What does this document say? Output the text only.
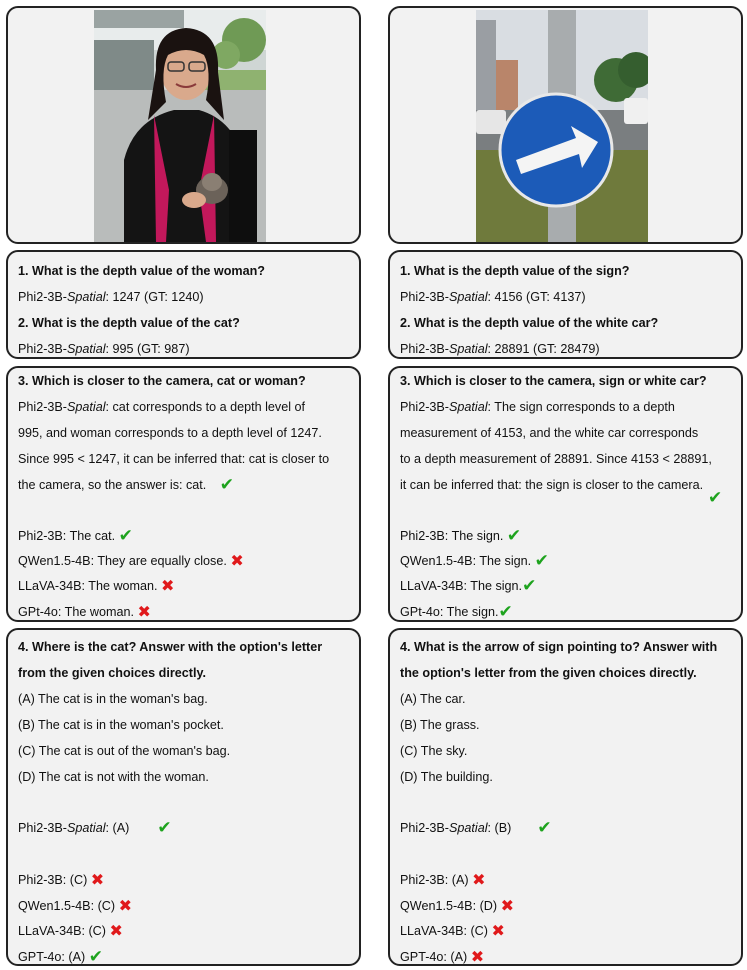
1. What is the depth value of the woman?
Phi2-3B-Spatial: 1247 (GT: 1240)
2. What is the depth value of the cat?
Phi2-3B-Spatial: 995 (GT: 987)
3. Which is closer to the camera, cat or woman?
Phi2-3B-Spatial: cat corresponds to a depth level of
995, and woman corresponds to a depth level of 1247.
Since 995 < 1247, it can be inferred that: cat is closer to
the camera, so the answer is: cat. ✔
Phi2-3B: The cat. ✔
QWen1.5-4B: They are equally close. ✖
LLaVA-34B: The woman. ✖
GPt-4o: The woman. ✖
4. Where is the cat? Answer with the option's letter
from the given choices directly.
(A) The cat is in the woman's bag.
(B) The cat is in the woman's pocket.
(C) The cat is out of the woman's bag.
(D) The cat is not with the woman.
Phi2-3B-Spatial: (A) ✔
Phi2-3B: (C) ✖
QWen1.5-4B: (C) ✖
LLaVA-34B: (C) ✖
GPT-4o: (A) ✔
1. What is the depth value of the sign?
Phi2-3B-Spatial: 4156 (GT: 4137)
2. What is the depth value of the white car?
Phi2-3B-Spatial: 28891 (GT: 28479)
3. Which is closer to the camera, sign or white car?
Phi2-3B-Spatial: The sign corresponds to a depth
measurement of 4153, and the white car corresponds
to a depth measurement of 28891. Since 4153 < 28891,
it can be inferred that: the sign is closer to the camera.
✔
Phi2-3B: The sign. ✔
QWen1.5-4B: The sign. ✔
LLaVA-34B: The sign.✔
GPt-4o: The sign.✔
4. What is the arrow of sign pointing to? Answer with
the option's letter from the given choices directly.
(A) The car.
(B) The grass.
(C) The sky.
(D) The building.
Phi2-3B-Spatial: (B) ✔
Phi2-3B: (A) ✖
QWen1.5-4B: (D) ✖
LLaVA-34B: (C) ✖
GPT-4o: (A) ✖
